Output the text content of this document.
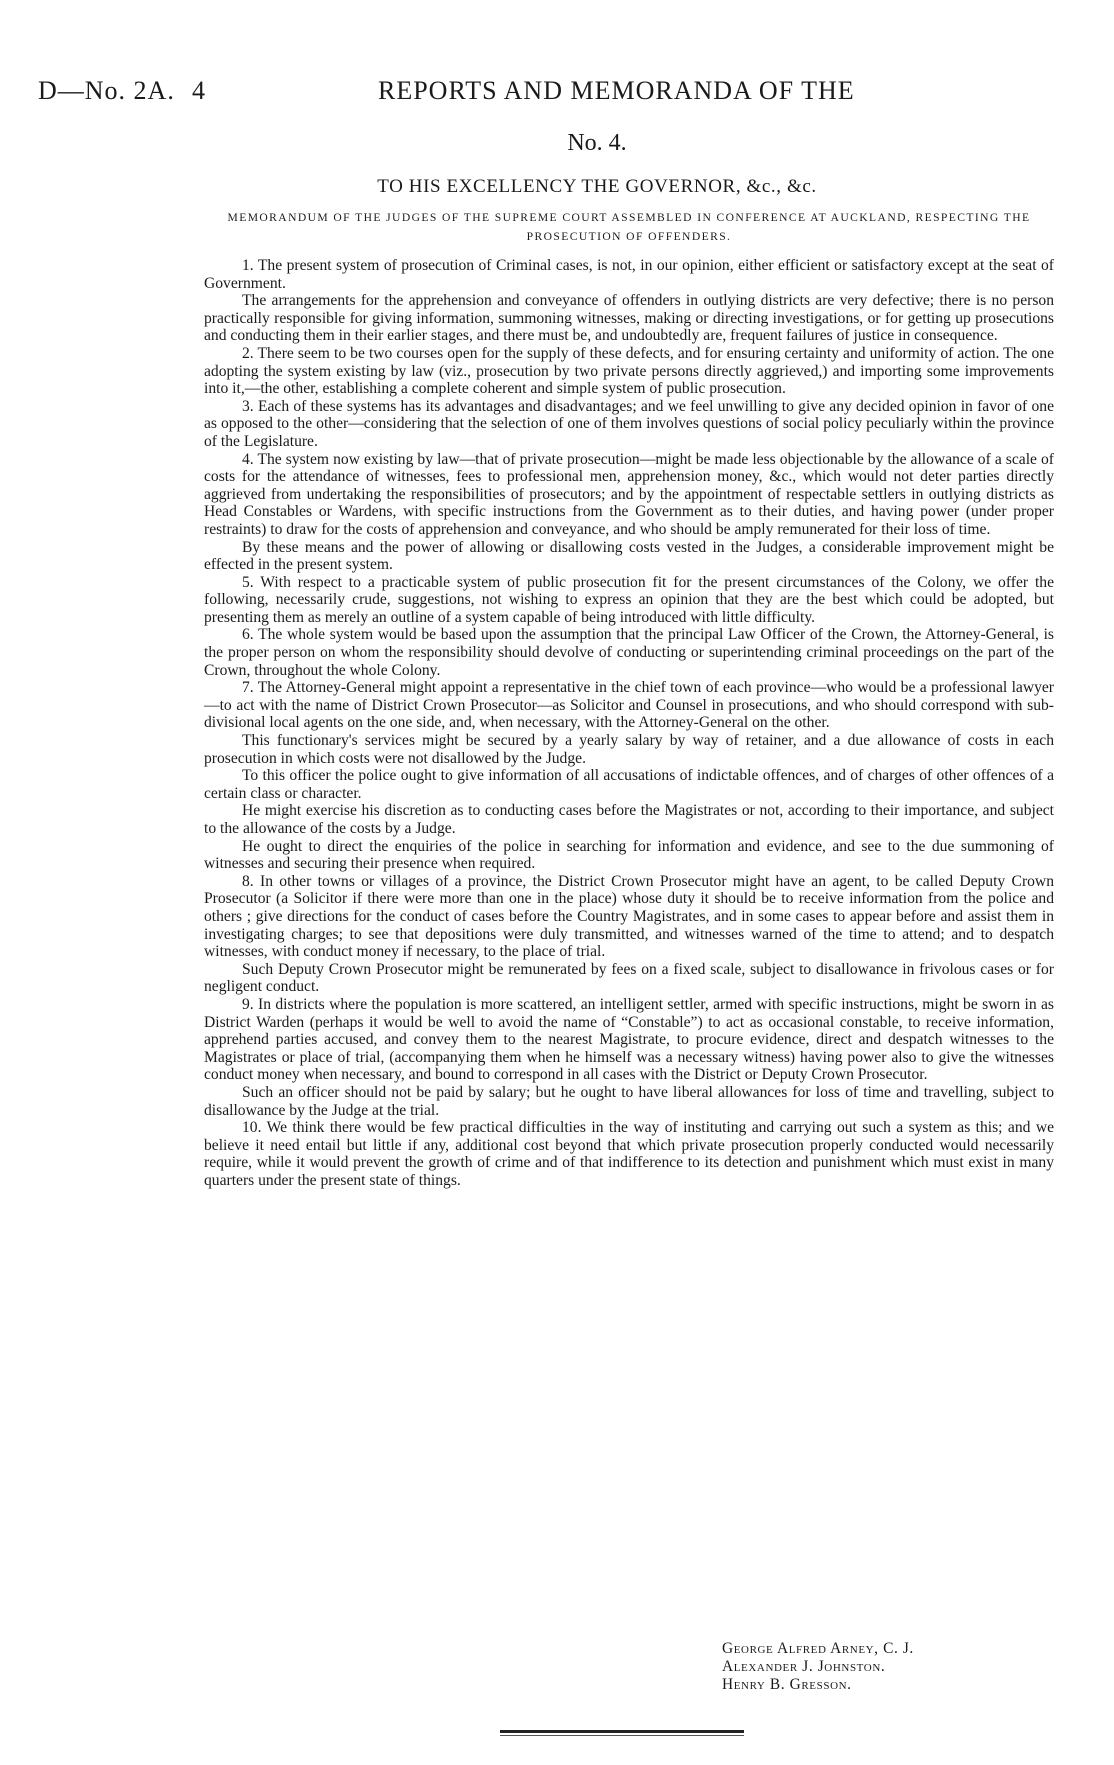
D—No. 2A. 4	REPORTS AND MEMORANDA OF THE
No. 4.
TO HIS EXCELLENCY THE GOVERNOR, &c., &c.
MEMORANDUM OF THE JUDGES OF THE SUPREME COURT ASSEMBLED IN CONFERENCE AT AUCKLAND, RESPECTING THE PROSECUTION OF OFFENDERS.

1. The present system of prosecution of Criminal cases, is not, in our opinion, either efficient or satisfactory except at the seat of Government.

The arrangements for the apprehension and conveyance of offenders in outlying districts are very defective; there is no person practically responsible for giving information, summoning witnesses, making or directing investigations, or for getting up prosecutions and conducting them in their earlier stages, and there must be, and undoubtedly are, frequent failures of justice in consequence.

2. There seem to be two courses open for the supply of these defects, and for ensuring certainty and uniformity of action. The one adopting the system existing by law (viz., prosecution by two private persons directly aggrieved,) and importing some improvements into it,—the other, establishing a complete coherent and simple system of public prosecution.

3. Each of these systems has its advantages and disadvantages; and we feel unwilling to give any decided opinion in favor of one as opposed to the other—considering that the selection of one of them involves questions of social policy peculiarly within the province of the Legislature.

4. The system now existing by law—that of private prosecution—might be made less objectionable by the allowance of a scale of costs for the attendance of witnesses, fees to professional men, apprehension money, &c., which would not deter parties directly aggrieved from undertaking the responsibilities of prosecutors; and by the appointment of respectable settlers in outlying districts as Head Constables or Wardens, with specific instructions from the Government as to their duties, and having power (under proper restraints) to draw for the costs of apprehension and conveyance, and who should be amply remunerated for their loss of time.

By these means and the power of allowing or disallowing costs vested in the Judges, a considerable improvement might be effected in the present system.

5. With respect to a practicable system of public prosecution fit for the present circumstances of the Colony, we offer the following, necessarily crude, suggestions, not wishing to express an opinion that they are the best which could be adopted, but presenting them as merely an outline of a system capable of being introduced with little difficulty.

6. The whole system would be based upon the assumption that the principal Law Officer of the Crown, the Attorney-General, is the proper person on whom the responsibility should devolve of conducting or superintending criminal proceedings on the part of the Crown, throughout the whole Colony.

7. The Attorney-General might appoint a representative in the chief town of each province—who would be a professional lawyer—to act with the name of District Crown Prosecutor—as Solicitor and Counsel in prosecutions, and who should correspond with sub-divisional local agents on the one side, and, when necessary, with the Attorney-General on the other.

This functionary's services might be secured by a yearly salary by way of retainer, and a due allowance of costs in each prosecution in which costs were not disallowed by the Judge.

To this officer the police ought to give information of all accusations of indictable offences, and of charges of other offences of a certain class or character.

He might exercise his discretion as to conducting cases before the Magistrates or not, according to their importance, and subject to the allowance of the costs by a Judge.

He ought to direct the enquiries of the police in searching for information and evidence, and see to the due summoning of witnesses and securing their presence when required.

8. In other towns or villages of a province, the District Crown Prosecutor might have an agent, to be called Deputy Crown Prosecutor (a Solicitor if there were more than one in the place) whose duty it should be to receive information from the police and others ; give directions for the conduct of cases before the Country Magistrates, and in some cases to appear before and assist them in investigating charges; to see that depositions were duly transmitted, and witnesses warned of the time to attend; and to despatch witnesses, with conduct money if necessary, to the place of trial.

Such Deputy Crown Prosecutor might be remunerated by fees on a fixed scale, subject to disallowance in frivolous cases or for negligent conduct.

9. In districts where the population is more scattered, an intelligent settler, armed with specific instructions, might be sworn in as District Warden (perhaps it would be well to avoid the name of “Constable”) to act as occasional constable, to receive information, apprehend parties accused, and convey them to the nearest Magistrate, to procure evidence, direct and despatch witnesses to the Magistrates or place of trial, (accompanying them when he himself was a necessary witness) having power also to give the witnesses conduct money when necessary, and bound to correspond in all cases with the District or Deputy Crown Prosecutor.

Such an officer should not be paid by salary; but he ought to have liberal allowances for loss of time and travelling, subject to disallowance by the Judge at the trial.

10. We think there would be few practical difficulties in the way of instituting and carrying out such a system as this; and we believe it need entail but little if any, additional cost beyond that which private prosecution properly conducted would necessarily require, while it would prevent the growth of crime and of that indifference to its detection and punishment which must exist in many quarters under the present state of things.

George Alfred Arney, C. J.
Alexander J. Johnston.
Henry B. Gresson.
